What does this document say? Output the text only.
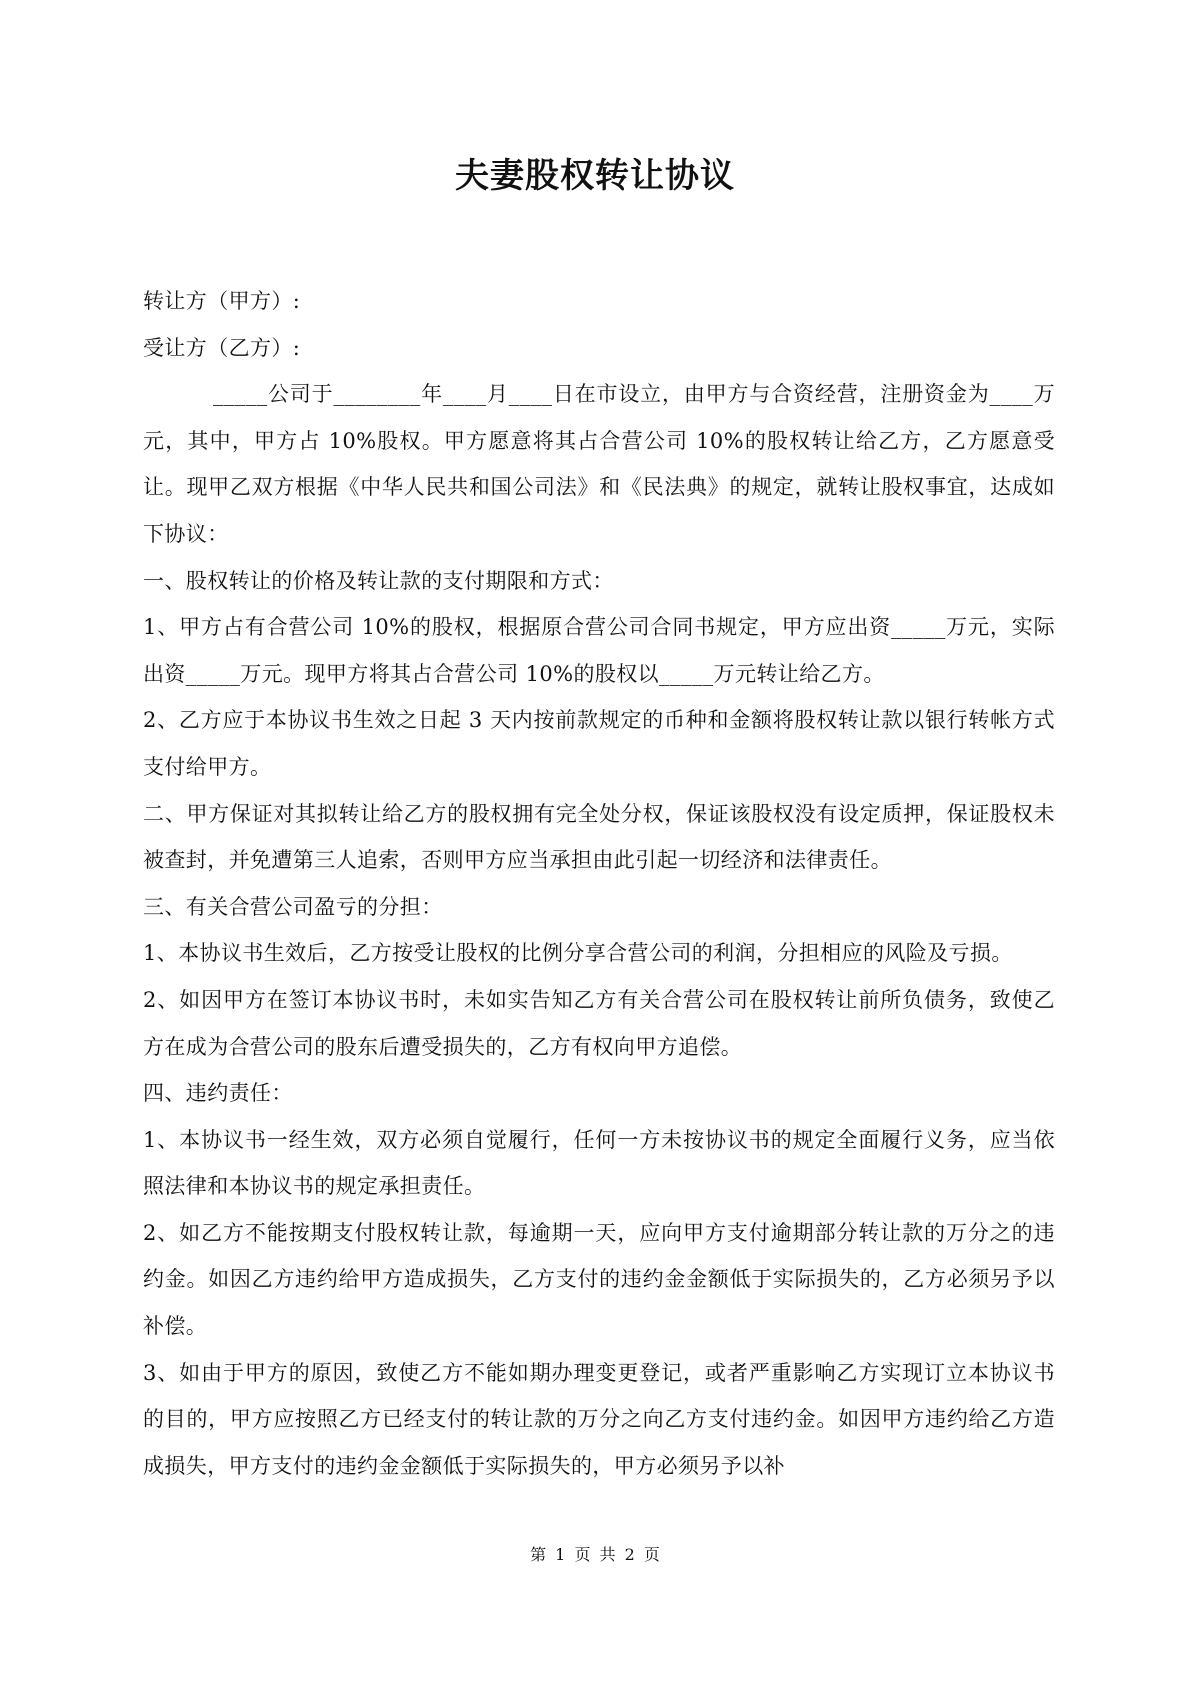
夫妻股权转让协议

转让方（甲方）:

受让方（乙方）:

_____公司于________年____月____日在市设立，由甲方与合资经营，注册资金为____万元，其中，甲方占 10%股权。甲方愿意将其占合营公司 10%的股权转让给乙方，乙方愿意受让。现甲乙双方根据《中华人民共和国公司法》和《民法典》的规定，就转让股权事宜，达成如下协议：

一、股权转让的价格及转让款的支付期限和方式：

1、甲方占有合营公司 10%的股权，根据原合营公司合同书规定，甲方应出资_____万元，实际出资_____万元。现甲方将其占合营公司 10%的股权以_____万元转让给乙方。

2、乙方应于本协议书生效之日起 3 天内按前款规定的币种和金额将股权转让款以银行转帐方式支付给甲方。

二、甲方保证对其拟转让给乙方的股权拥有完全处分权，保证该股权没有设定质押，保证股权未被查封，并免遭第三人追索，否则甲方应当承担由此引起一切经济和法律责任。

三、有关合营公司盈亏的分担：

1、本协议书生效后，乙方按受让股权的比例分享合营公司的利润，分担相应的风险及亏损。

2、如因甲方在签订本协议书时，未如实告知乙方有关合营公司在股权转让前所负债务，致使乙方在成为合营公司的股东后遭受损失的，乙方有权向甲方追偿。

四、违约责任：

1、本协议书一经生效，双方必须自觉履行，任何一方未按协议书的规定全面履行义务，应当依照法律和本协议书的规定承担责任。

2、如乙方不能按期支付股权转让款，每逾期一天，应向甲方支付逾期部分转让款的万分之的违约金。如因乙方违约给甲方造成损失，乙方支付的违约金金额低于实际损失的，乙方必须另予以补偿。

3、如由于甲方的原因，致使乙方不能如期办理变更登记，或者严重影响乙方实现订立本协议书的目的，甲方应按照乙方已经支付的转让款的万分之向乙方支付违约金。如因甲方违约给乙方造成损失，甲方支付的违约金金额低于实际损失的，甲方必须另予以补

第 1 页 共 2 页
